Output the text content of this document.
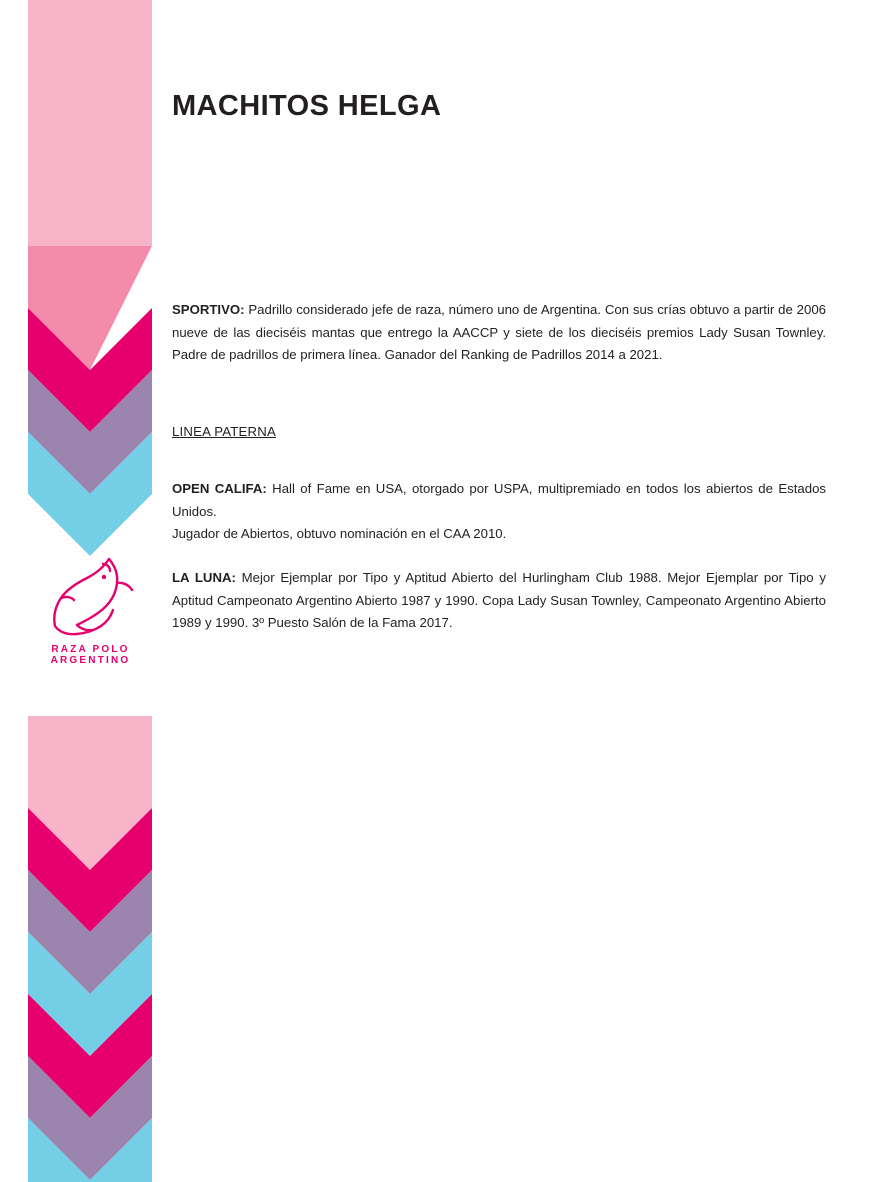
RAZA POLO
ARGENTINO
MACHITOS HELGA

SPORTIVO: Padrillo considerado jefe de raza, número uno de Argentina. Con sus crías obtuvo a partir de 2006 nueve de las dieciséis mantas que entrego la AACCP y siete de los dieciséis premios Lady Susan Townley. Padre de padrillos de primera línea. Ganador del Ranking de Padrillos 2014 a 2021.

LINEA PATERNA

OPEN CALIFA: Hall of Fame en USA, otorgado por USPA, multipremiado en todos los abiertos de Estados Unidos.
Jugador de Abiertos, obtuvo nominación en el CAA 2010.

LA LUNA: Mejor Ejemplar por Tipo y Aptitud Abierto del Hurlingham Club 1988. Mejor Ejemplar por Tipo y Aptitud Campeonato Argentino Abierto 1987 y 1990. Copa Lady Susan Townley, Campeonato Argentino Abierto 1989 y 1990. 3º Puesto Salón de la Fama 2017.
